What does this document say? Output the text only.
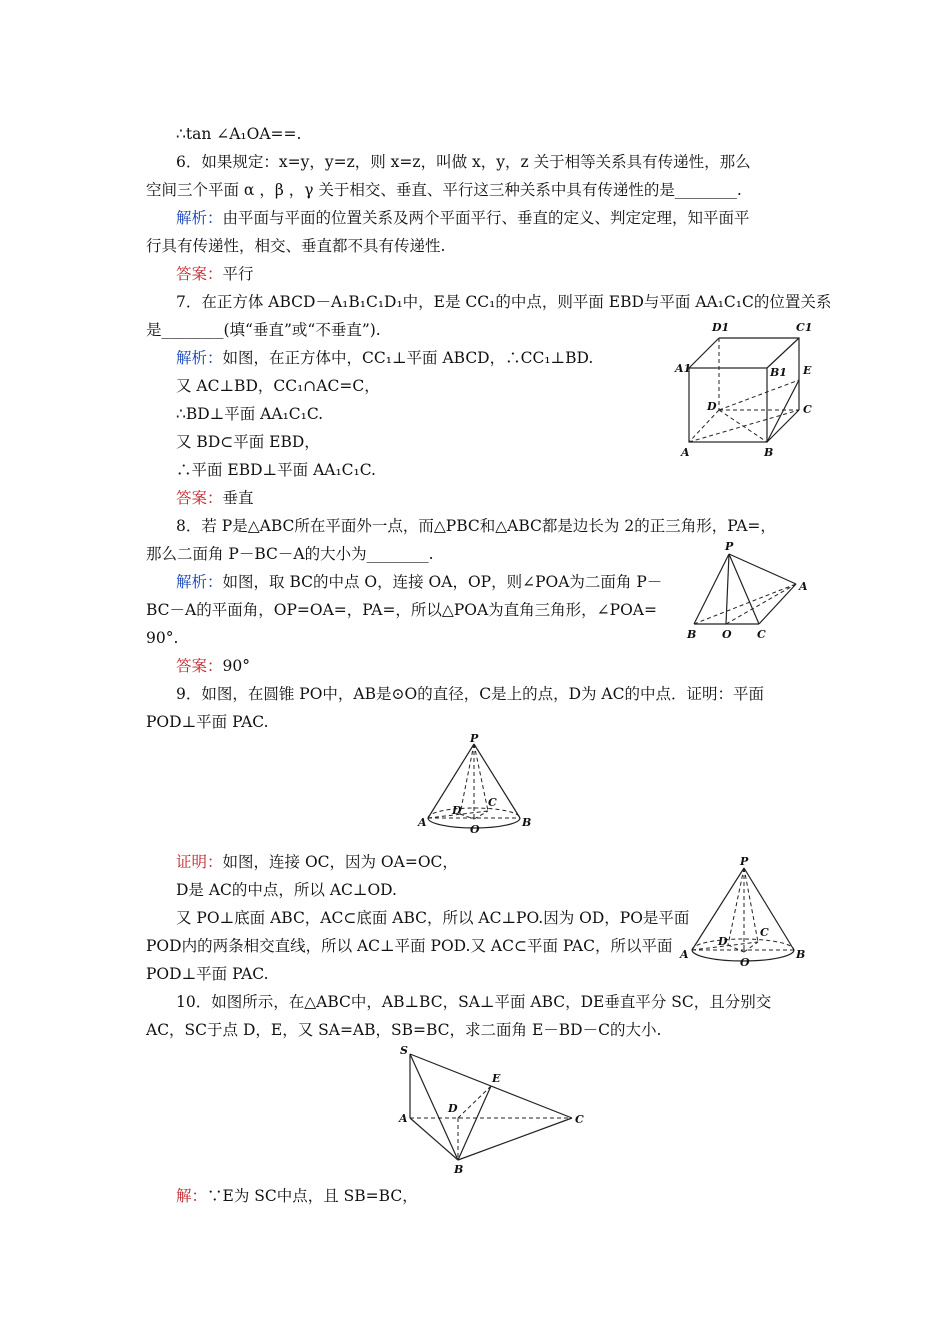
∴tan ∠A₁OA==.
6．如果规定：x=y，y=z，则 x=z，叫做 x，y，z 关于相等关系具有传递性，那么
空间三个平面 α ，β ，γ 关于相交、垂直、平行这三种关系中具有传递性的是________.
解析：由平面与平面的位置关系及两个平面平行、垂直的定义、判定定理，知平面平
行具有传递性，相交、垂直都不具有传递性.
答案：平行
7．在正方体 ABCD－A₁B₁C₁D₁中，E是 CC₁的中点，则平面 EBD与平面 AA₁C₁C的位置关系
是________(填“垂直”或“不垂直”).
解析：如图，在正方体中，CC₁⊥平面 ABCD，∴CC₁⊥BD.
又 AC⊥BD，CC₁∩AC=C，
∴BD⊥平面 AA₁C₁C.
又 BD⊂平面 EBD，
∴平面 EBD⊥平面 AA₁C₁C.
答案：垂直
8．若 P是△ABC所在平面外一点，而△PBC和△ABC都是边长为 2的正三角形，PA=，
那么二面角 P－BC－A的大小为________.
解析：如图，取 BC的中点 O，连接 OA，OP，则∠POA为二面角 P－
BC－A的平面角，OP=OA=，PA=，所以△POA为直角三角形，∠POA=
90°.
答案：90°
9．如图，在圆锥 PO中，AB是⊙O的直径，C是上的点，D为 AC的中点．证明：平面
POD⊥平面 PAC.
证明：如图，连接 OC，因为 OA=OC，
D是 AC的中点，所以 AC⊥OD.
又 PO⊥底面 ABC，AC⊂底面 ABC，所以 AC⊥PO.因为 OD，PO是平面
POD内的两条相交直线，所以 AC⊥平面 POD.又 AC⊂平面 PAC，所以平面
POD⊥平面 PAC.
10．如图所示，在△ABC中，AB⊥BC，SA⊥平面 ABC，DE垂直平分 SC，且分别交
AC，SC于点 D，E，又 SA=AB，SB=BC，求二面角 E－BD－C的大小.
解：∵E为 SC中点，且 SB=BC，
D1	C1
A1	B1 E
D	C
A	B
P
A
B O C
P
D
C
A
O
B
P
C
D
A
O
B
S
E
D
A	C
B
